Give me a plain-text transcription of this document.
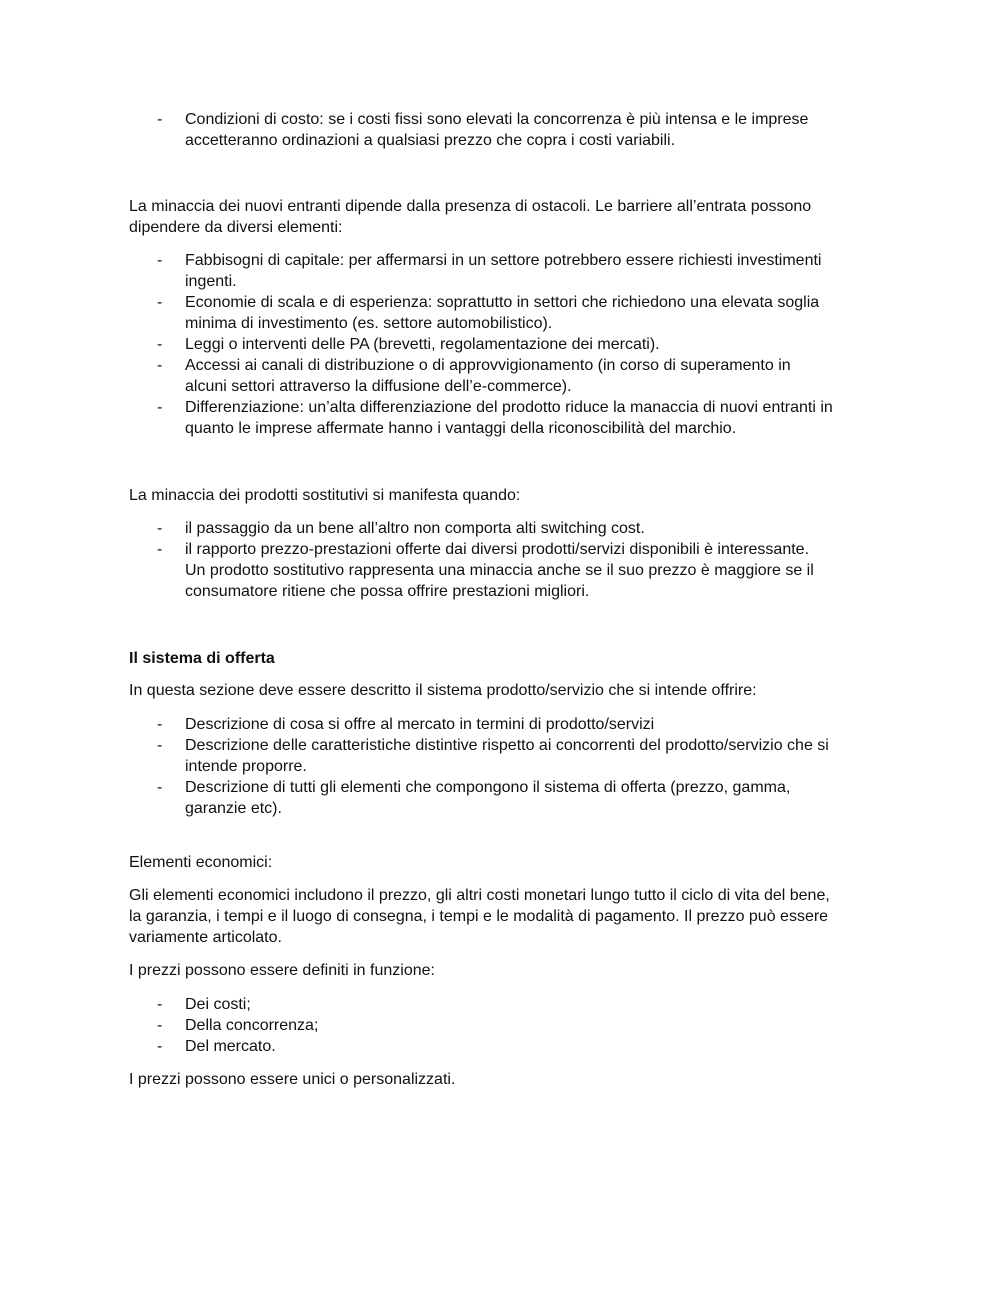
- Condizioni di costo: se i costi fissi sono elevati la concorrenza è più intensa e le imprese
accetteranno ordinazioni a qualsiasi prezzo che copra i costi variabili.
La minaccia dei nuovi entranti dipende dalla presenza di ostacoli. Le barriere all’entrata possono
dipendere da diversi elementi:
- Fabbisogni di capitale: per affermarsi in un settore potrebbero essere richiesti investimenti
ingenti.
- Economie di scala e di esperienza: soprattutto in settori che richiedono una elevata soglia
minima di investimento (es. settore automobilistico).
- Leggi o interventi delle PA (brevetti, regolamentazione dei mercati).
- Accessi ai canali di distribuzione o di approvvigionamento (in corso di superamento in
alcuni settori attraverso la diffusione dell’e-commerce).
- Differenziazione: un’alta differenziazione del prodotto riduce la manaccia di nuovi entranti in
quanto le imprese affermate hanno i vantaggi della riconoscibilità del marchio.
La minaccia dei prodotti sostitutivi si manifesta quando:
- il passaggio da un bene all’altro non comporta alti switching cost.
- il rapporto prezzo-prestazioni offerte dai diversi prodotti/servizi disponibili è interessante.
Un prodotto sostitutivo rappresenta una minaccia anche se il suo prezzo è maggiore se il
consumatore ritiene che possa offrire prestazioni migliori.
Il sistema di offerta
In questa sezione deve essere descritto il sistema prodotto/servizio che si intende offrire:
- Descrizione di cosa si offre al mercato in termini di prodotto/servizi
- Descrizione delle caratteristiche distintive rispetto ai concorrenti del prodotto/servizio che si
intende proporre.
- Descrizione di tutti gli elementi che compongono il sistema di offerta (prezzo, gamma,
garanzie etc).
Elementi economici:
Gli elementi economici includono il prezzo, gli altri costi monetari lungo tutto il ciclo di vita del bene,
la garanzia, i tempi e il luogo di consegna, i tempi e le modalità di pagamento. Il prezzo può essere
variamente articolato.
I prezzi possono essere definiti in funzione:
- Dei costi;
- Della concorrenza;
- Del mercato.
I prezzi possono essere unici o personalizzati.
